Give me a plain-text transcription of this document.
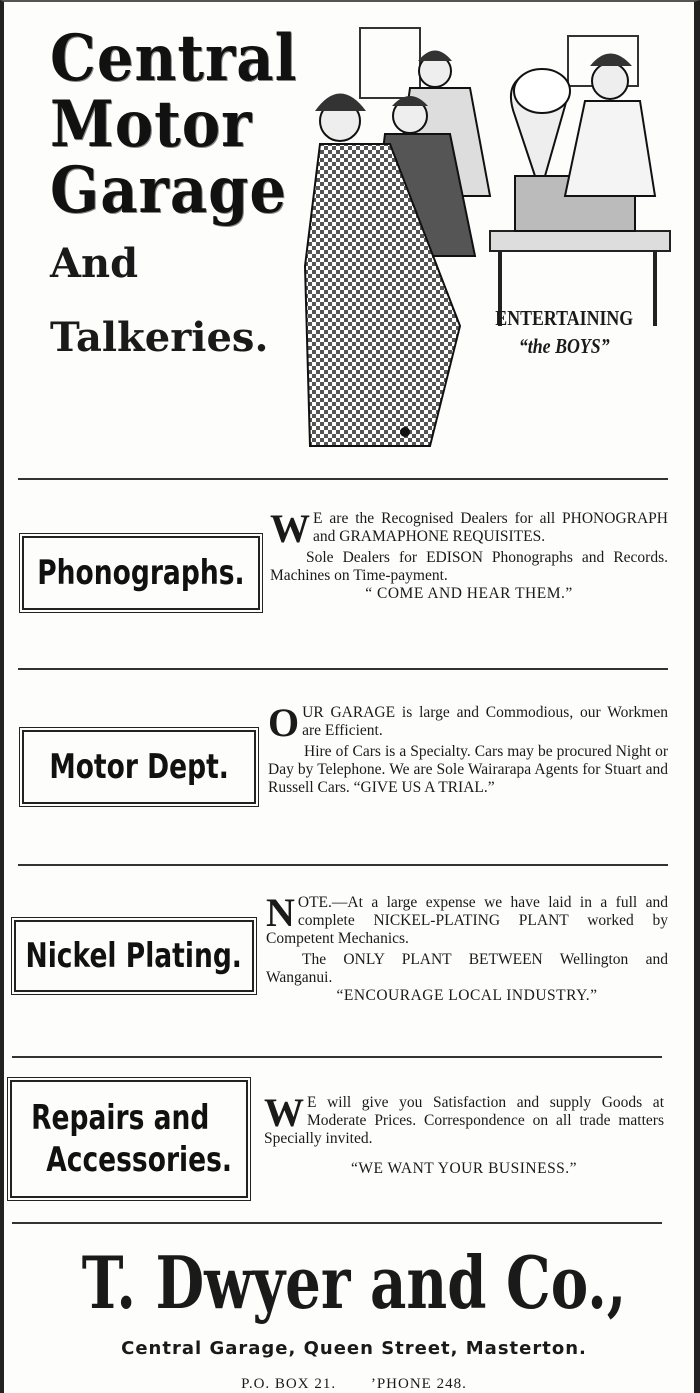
Central
Motor
Garage
And
Talkeries.	ENTERTAINING
“the BOYS”
Phonographs.

W E are the Recognised Dealers for all PHONOGRAPH and GRAMAPHONE REQUISITES.

Sole Dealers for EDISON Phonographs and Records. Machines on Time-payment.

“ COME AND HEAR THEM.”

Motor Dept.

OUR GARAGE is large and Commodious, our Workmen are Efficient.

Hire of Cars is a Specialty. Cars may be procured Night or Day by Telephone. We are Sole Wairarapa Agents for Stuart and Russell Cars. “GIVE US A TRIAL.”

Nickel Plating.

NOTE.—At a large expense we have laid in a full and complete NICKEL-PLATING PLANT worked by Competent Mechanics.

The ONLY PLANT BETWEEN Wellington and Wanganui.

“ENCOURAGE LOCAL INDUSTRY.”

Repairs and
Accessories.

W E will give you Satisfaction and supply Goods at Moderate Prices. Correspondence on all trade matters Specially invited.

“WE WANT YOUR BUSINESS.”

T. Dwyer and Co.,
Central Garage, Queen Street, Masterton.
P.O. BOX 21. ’PHONE 248.
